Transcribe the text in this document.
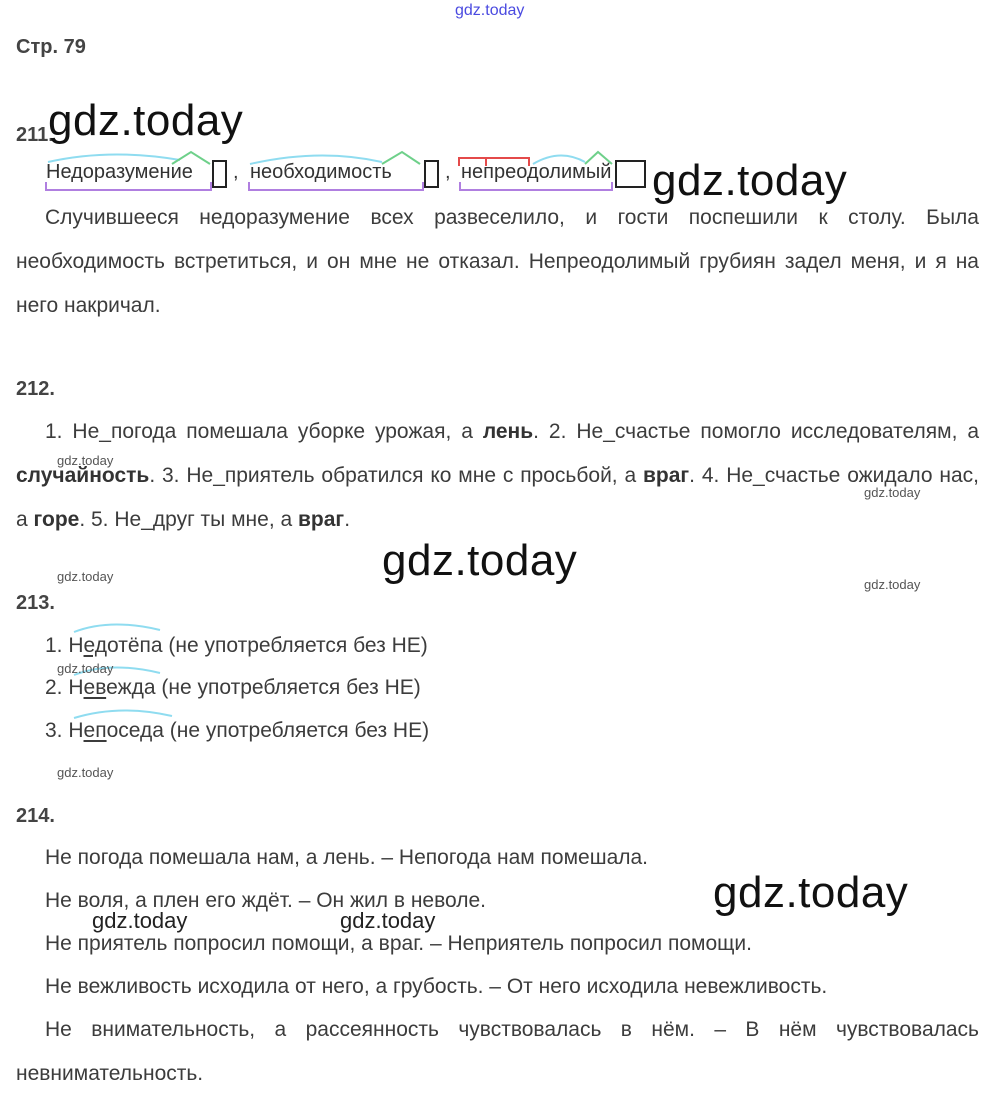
gdz.today
Стр. 79
211.
gdz.today
Недоразумение , необходимость	, непреодолимый gdz.today
Случившееся недоразумение всех развеселило, и гости поспешили к столу. Была необходимость встретиться, и он мне не отказал. Непреодолимый грубиян задел меня, и я на него накричал.
212.
1. Не_погода помешала уборке урожая, а лень. 2. Не_счастье помогло исследователям, а случайность. 3. Не_приятель обратился ко мне с просьбой, а враг. 4. Не_счастье ожидало нас, а горе. 5. Не_друг ты мне, а враг.
gdz.today
gdz.today
gdz.today
gdz.today
gdz.today
213.
1. Недотёпа (не употребляется без НЕ)
gdz.today
2. Невежда (не употребляется без НЕ)
3. Непоседа (не употребляется без НЕ)
gdz.today
214.
Не погода помешала нам, а лень. – Непогода нам помешала.
Не воля, а плен его ждёт. – Он жил в неволе.
gdz.today	gdz.today
gdz.today
Не приятель попросил помощи, а враг. – Неприятель попросил помощи.
Не вежливость исходила от него, а грубость. – От него исходила невежливость.
Не внимательность, а рассеянность чувствовалась в нём. – В нём чувствовалась невнимательность.
